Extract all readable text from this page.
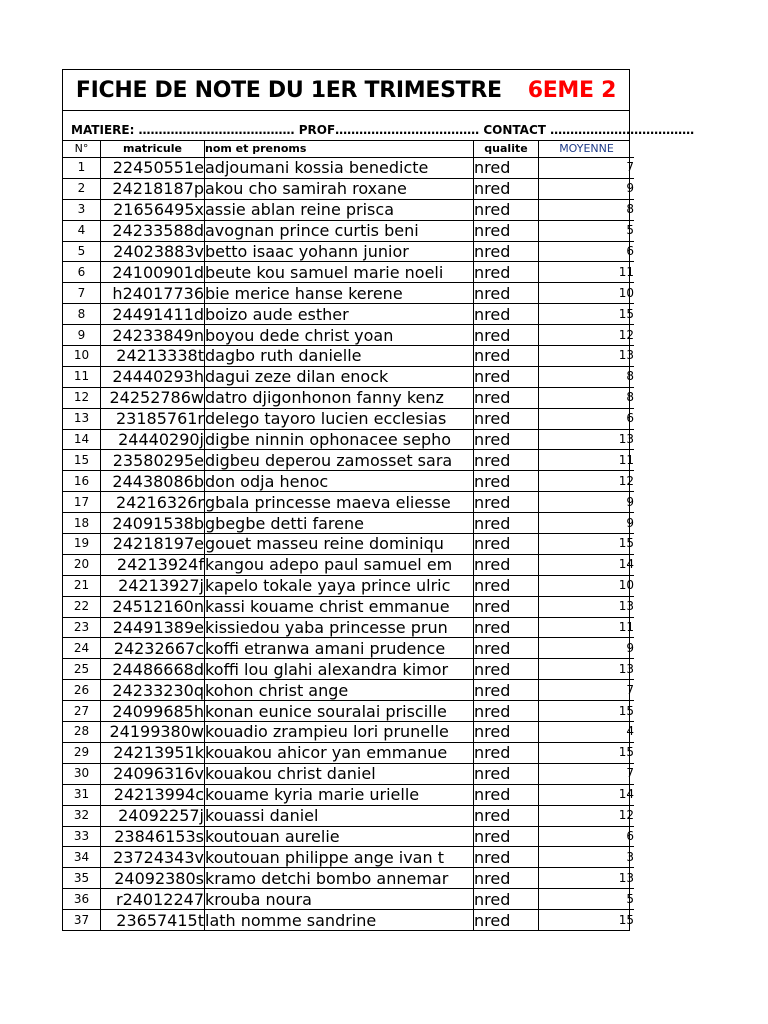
FICHE DE NOTE DU 1ER TRIMESTRE 6EME 2
MATIERE: ………………………………… PROF……………………………… CONTACT ………………………………
N°	matricule	nom et prenoms	qualite	MOYENNE
1	22450551e	adjoumani kossia benedicte	nred	7
2	24218187p	akou cho samirah roxane	nred	9
3	21656495x	assie ablan reine prisca	nred	8
4	24233588d	avognan prince curtis beni	nred	5
5	24023883v	betto isaac yohann junior	nred	6
6	24100901d	beute kou samuel marie noeli	nred	11
7	h24017736	bie merice hanse kerene	nred	10
8	24491411d	boizo aude esther	nred	15
9	24233849n	boyou dede christ yoan	nred	12
10	24213338t	dagbo ruth danielle	nred	13
11	24440293h	dagui zeze dilan enock	nred	8
12	24252786w	datro djigonhonon fanny kenz	nred	8
13	23185761r	delego tayoro lucien ecclesias	nred	6
14	24440290j	digbe ninnin ophonacee sepho	nred	13
15	23580295e	digbeu deperou zamosset sara	nred	11
16	24438086b	don odja henoc	nred	12
17	24216326r	gbala princesse maeva eliesse	nred	9
18	24091538b	gbegbe detti farene	nred	9
19	24218197e	gouet masseu reine dominiqu	nred	15
20	24213924f	kangou adepo paul samuel em	nred	14
21	24213927j	kapelo tokale yaya prince ulric	nred	10
22	24512160n	kassi kouame christ emmanue	nred	13
23	24491389e	kissiedou yaba princesse prun	nred	11
24	24232667c	koffi etranwa amani prudence	nred	9
25	24486668d	koffi lou glahi alexandra kimor	nred	13
26	24233230q	kohon christ ange	nred	7
27	24099685h	konan eunice souralai priscille	nred	15
28	24199380w	kouadio zrampieu lori prunelle	nred	4
29	24213951k	kouakou ahicor yan emmanue	nred	15
30	24096316v	kouakou christ daniel	nred	7
31	24213994c	kouame kyria marie urielle	nred	14
32	24092257j	kouassi daniel	nred	12
33	23846153s	koutouan aurelie	nred	6
34	23724343v	koutouan philippe ange ivan t	nred	3
35	24092380s	kramo detchi bombo annemar	nred	13
36	r24012247	krouba noura	nred	5
37	23657415t	lath nomme sandrine	nred	15
